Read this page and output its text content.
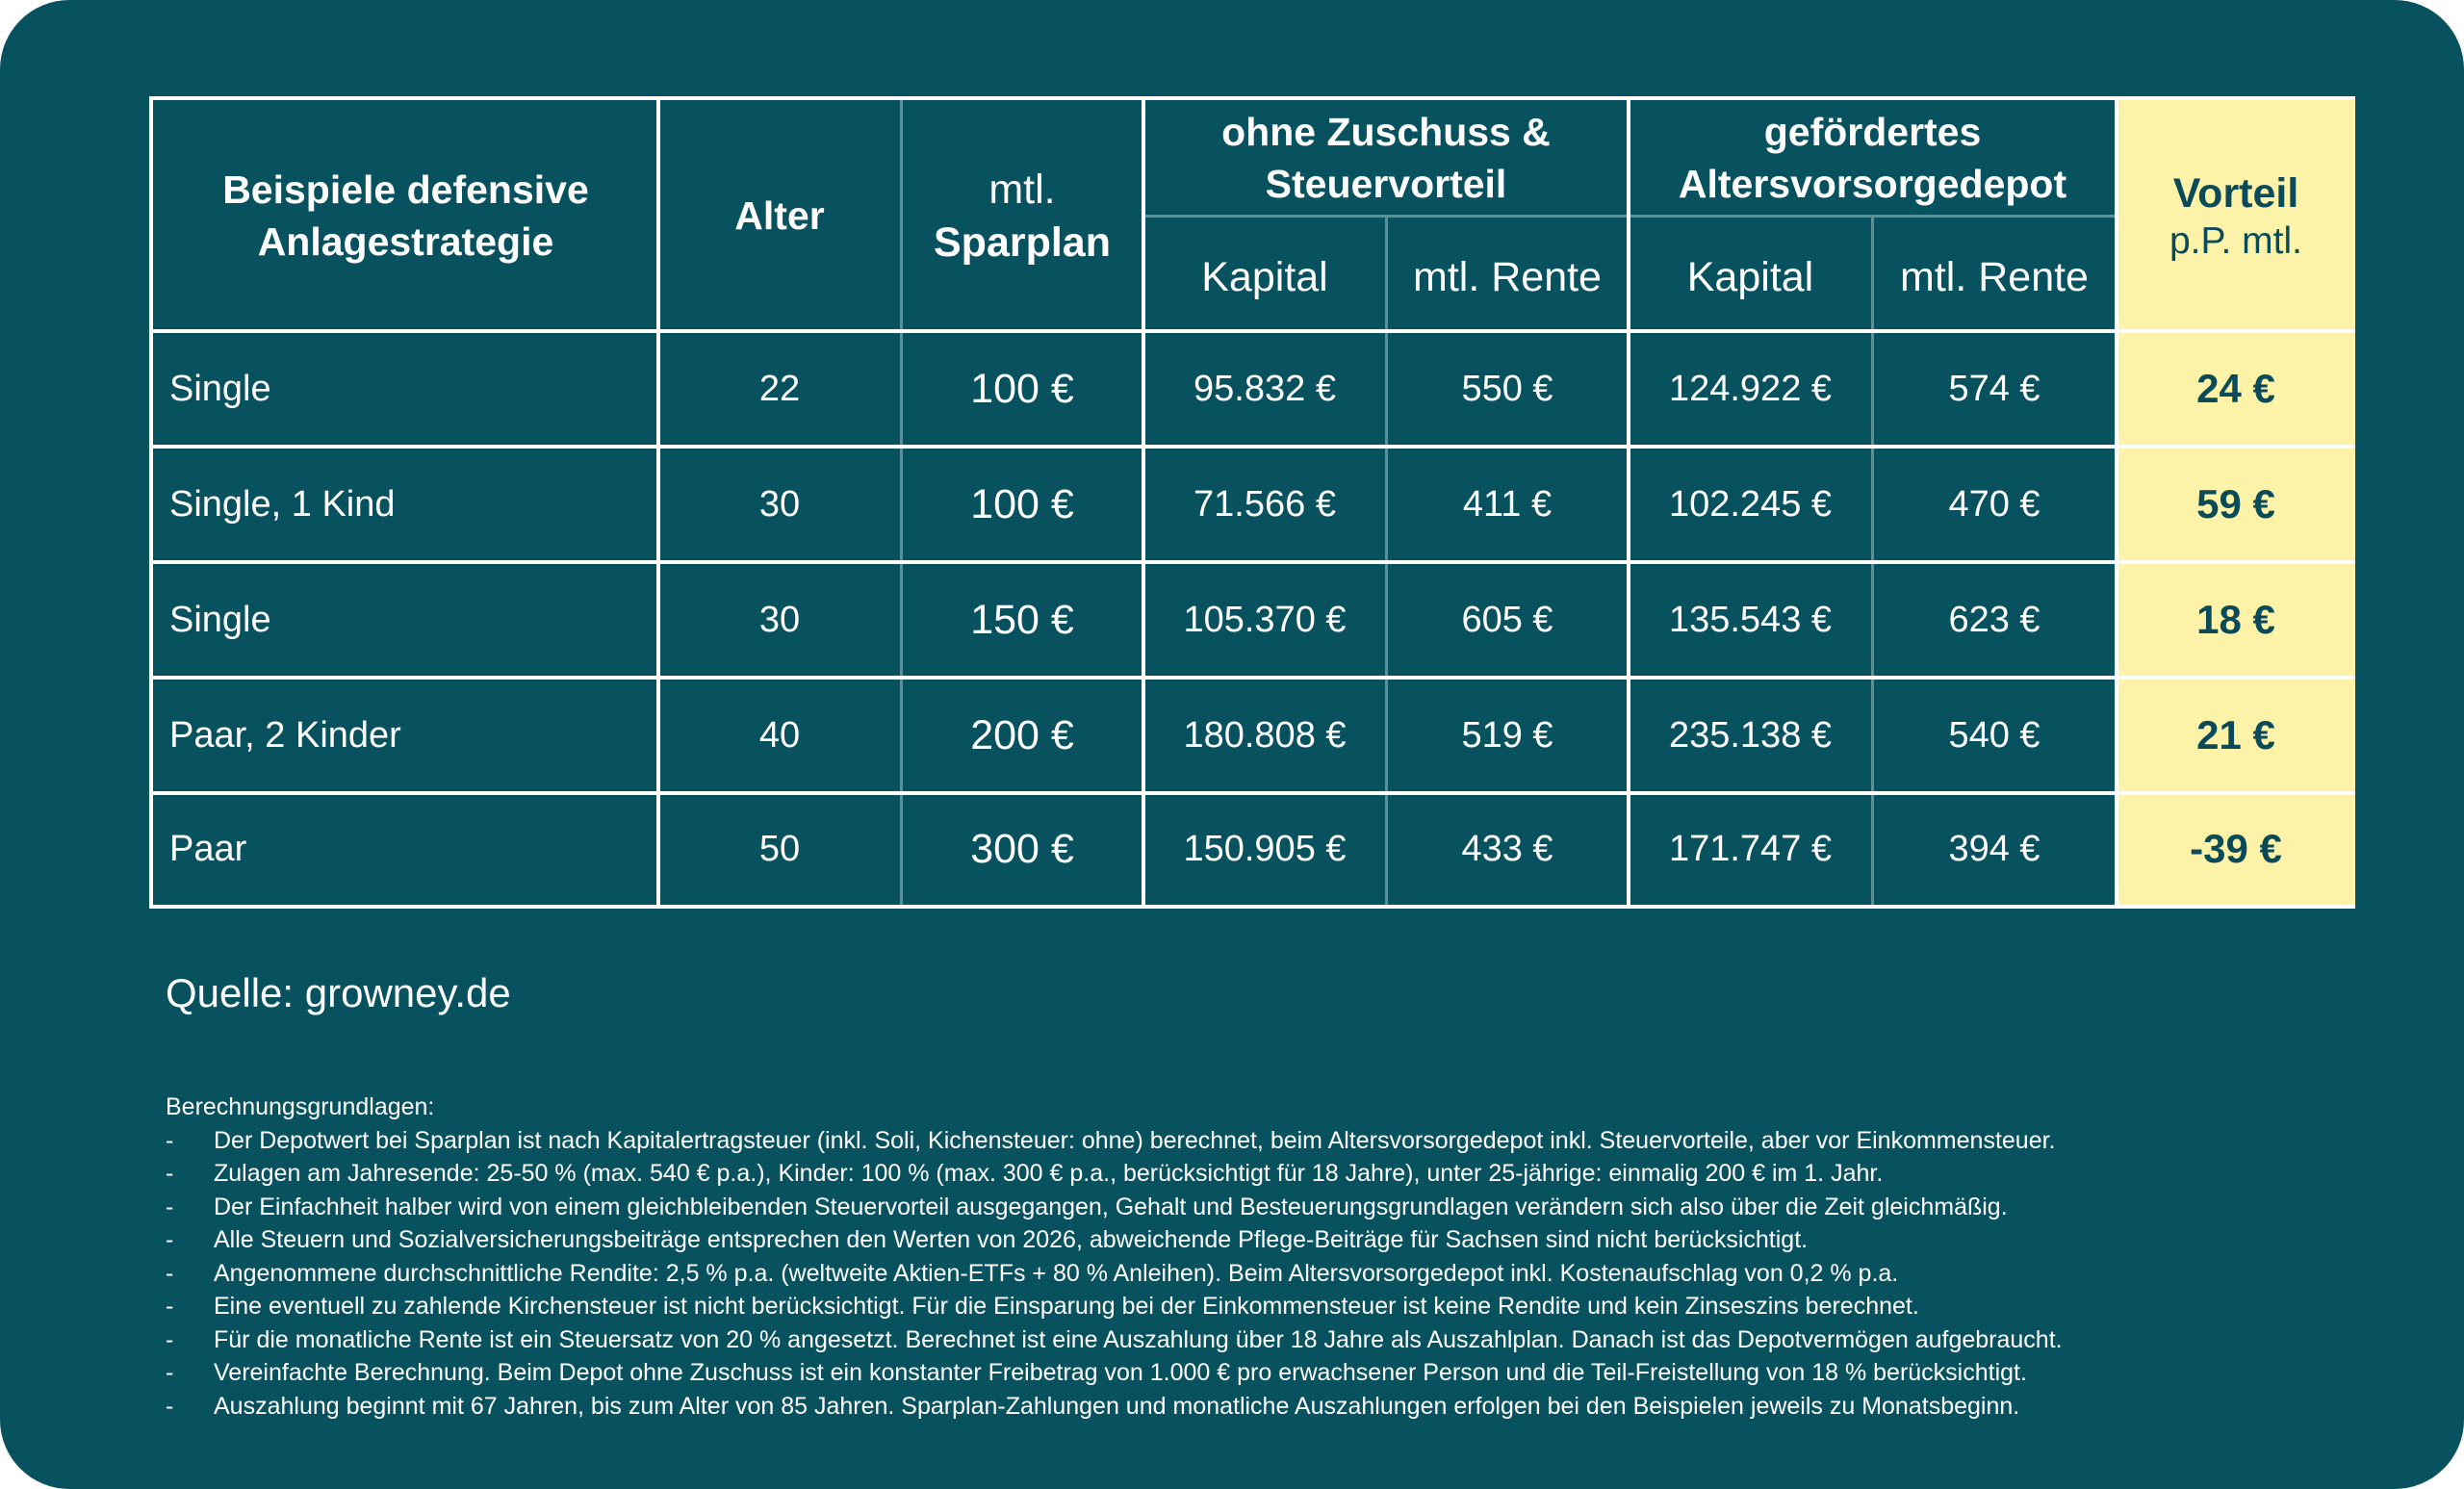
Beispiele defensive
Anlagestrategie
Alter
mtl.
Sparplan
ohne Zuschuss &
Steuervorteil
Kapital	mtl. Rente
gefördertes
Altersvorsorgedepot
Kapital	mtl. Rente
Vorteil
p.P. mtl.
Single	22	100 €	95.832 €	550 €	124.922 €	574 €	24 €
Single, 1 Kind	30	100 €	71.566 €	411 €	102.245 €	470 €	59 €
Single	30	150 €	105.370 €	605 €	135.543 €	623 €	18 €
Paar, 2 Kinder	40	200 €	180.808 €	519 €	235.138 €	540 €	21 €
Paar	50	300 €	150.905 €	433 €	171.747 €	394 €	-39 €
Quelle: growney.de

Berechnungsgrundlagen:

- Der Depotwert bei Sparplan ist nach Kapitalertragsteuer (inkl. Soli, Kichensteuer: ohne) berechnet, beim Altersvorsorgedepot inkl. Steuervorteile, aber vor Einkommensteuer.
- Zulagen am Jahresende: 25-50 % (max. 540 € p.a.), Kinder: 100 % (max. 300 € p.a., berücksichtigt für 18 Jahre), unter 25-jährige: einmalig 200 € im 1. Jahr.
- Der Einfachheit halber wird von einem gleichbleibenden Steuervorteil ausgegangen, Gehalt und Besteuerungsgrundlagen verändern sich also über die Zeit gleichmäßig.
- Alle Steuern und Sozialversicherungsbeiträge entsprechen den Werten von 2026, abweichende Pflege-Beiträge für Sachsen sind nicht berücksichtigt.
- Angenommene durchschnittliche Rendite: 2,5 % p.a. (weltweite Aktien-ETFs + 80 % Anleihen). Beim Altersvorsorgedepot inkl. Kostenaufschlag von 0,2 % p.a.
- Eine eventuell zu zahlende Kirchensteuer ist nicht berücksichtigt. Für die Einsparung bei der Einkommensteuer ist keine Rendite und kein Zinseszins berechnet.
- Für die monatliche Rente ist ein Steuersatz von 20 % angesetzt. Berechnet ist eine Auszahlung über 18 Jahre als Auszahlplan. Danach ist das Depotvermögen aufgebraucht.
- Vereinfachte Berechnung. Beim Depot ohne Zuschuss ist ein konstanter Freibetrag von 1.000 € pro erwachsener Person und die Teil-Freistellung von 18 % berücksichtigt.
- Auszahlung beginnt mit 67 Jahren, bis zum Alter von 85 Jahren. Sparplan-Zahlungen und monatliche Auszahlungen erfolgen bei den Beispielen jeweils zu Monatsbeginn.
